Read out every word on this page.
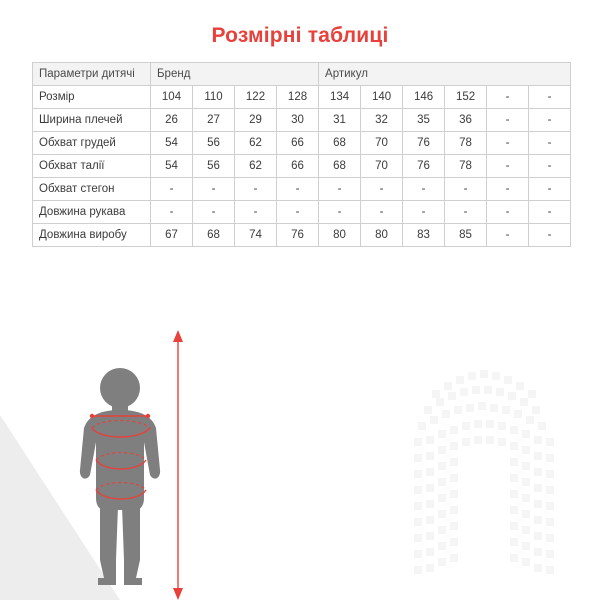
Розмірні таблиці
Параметри дитячі	Бренд				Артикул					
Розмір	104	110	122	128	134	140	146	152	-	-
Ширина плечей	26	27	29	30	31	32	35	36	-	-
Обхват грудей	54	56	62	66	68	70	76	78	-	-
Обхват талії	54	56	62	66	68	70	76	78	-	-
Обхват стегон	-	-	-	-	-	-	-	-	-	-
Довжина рукава	-	-	-	-	-	-	-	-	-	-
Довжина виробу	67	68	74	76	80	80	83	85	-	-
